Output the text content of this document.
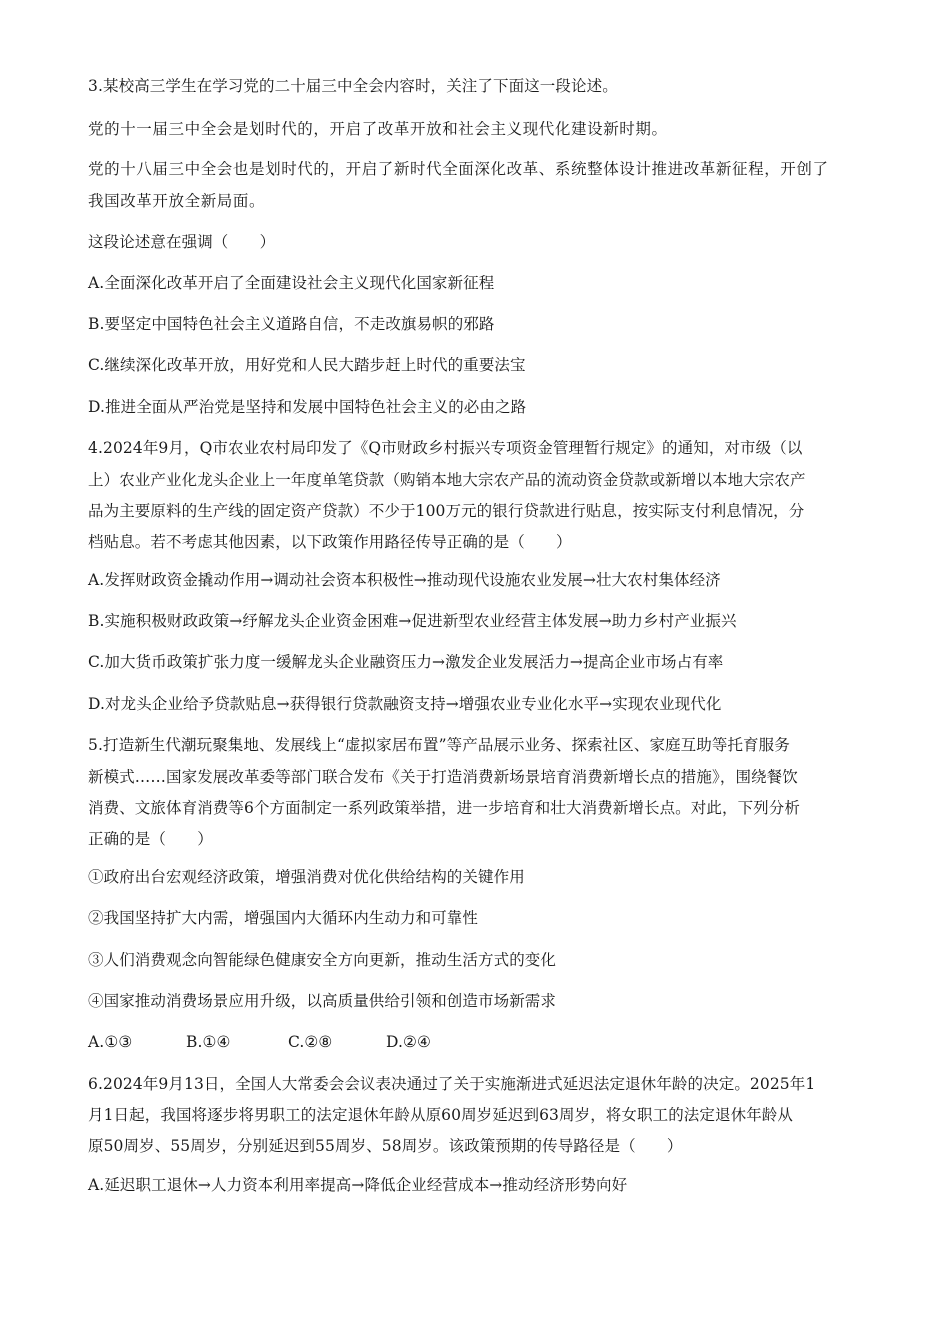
3.某校高三学生在学习党的二十届三中全会内容时，关注了下面这一段论述。
党的十一届三中全会是划时代的，开启了改革开放和社会主义现代化建设新时期。
党的十八届三中全会也是划时代的，开启了新时代全面深化改革、系统整体设计推进改革新征程，开创了
我国改革开放全新局面。
这段论述意在强调（　　）
A.全面深化改革开启了全面建设社会主义现代化国家新征程
B.要坚定中国特色社会主义道路自信，不走改旗易帜的邪路
C.继续深化改革开放，用好党和人民大踏步赶上时代的重要法宝
D.推进全面从严治党是坚持和发展中国特色社会主义的必由之路
4.2024年9月，Q市农业农村局印发了《Q市财政乡村振兴专项资金管理暂行规定》的通知，对市级（以
上）农业产业化龙头企业上一年度单笔贷款（购销本地大宗农产品的流动资金贷款或新增以本地大宗农产
品为主要原料的生产线的固定资产贷款）不少于100万元的银行贷款进行贴息，按实际支付利息情况，分
档贴息。若不考虑其他因素，以下政策作用路径传导正确的是（　　）
A.发挥财政资金撬动作用→调动社会资本积极性→推动现代设施农业发展→壮大农村集体经济
B.实施积极财政政策→纾解龙头企业资金困难→促进新型农业经营主体发展→助力乡村产业振兴
C.加大货币政策扩张力度一缓解龙头企业融资压力→激发企业发展活力→提高企业市场占有率
D.对龙头企业给予贷款贴息→获得银行贷款融资支持→增强农业专业化水平→实现农业现代化
5.打造新生代潮玩聚集地、发展线上“虚拟家居布置”等产品展示业务、探索社区、家庭互助等托育服务
新模式……国家发展改革委等部门联合发布《关于打造消费新场景培育消费新增长点的措施》，围绕餐饮
消费、文旅体育消费等6个方面制定一系列政策举措，进一步培育和壮大消费新增长点。对此，下列分析
正确的是（　　）
①政府出台宏观经济政策，增强消费对优化供给结构的关键作用
②我国坚持扩大内需，增强国内大循环内生动力和可靠性
③人们消费观念向智能绿色健康安全方向更新，推动生活方式的变化
④国家推动消费场景应用升级，以高质量供给引领和创造市场新需求
A.①③	B.①④	C.②⑧	D.②④
6.2024年9月13日，全国人大常委会会议表决通过了关于实施渐进式延迟法定退休年龄的决定。2025年1
月1日起，我国将逐步将男职工的法定退休年龄从原60周岁延迟到63周岁，将女职工的法定退休年龄从
原50周岁、55周岁，分别延迟到55周岁、58周岁。该政策预期的传导路径是（　　）
A.延迟职工退休→人力资本利用率提高→降低企业经营成本→推动经济形势向好
